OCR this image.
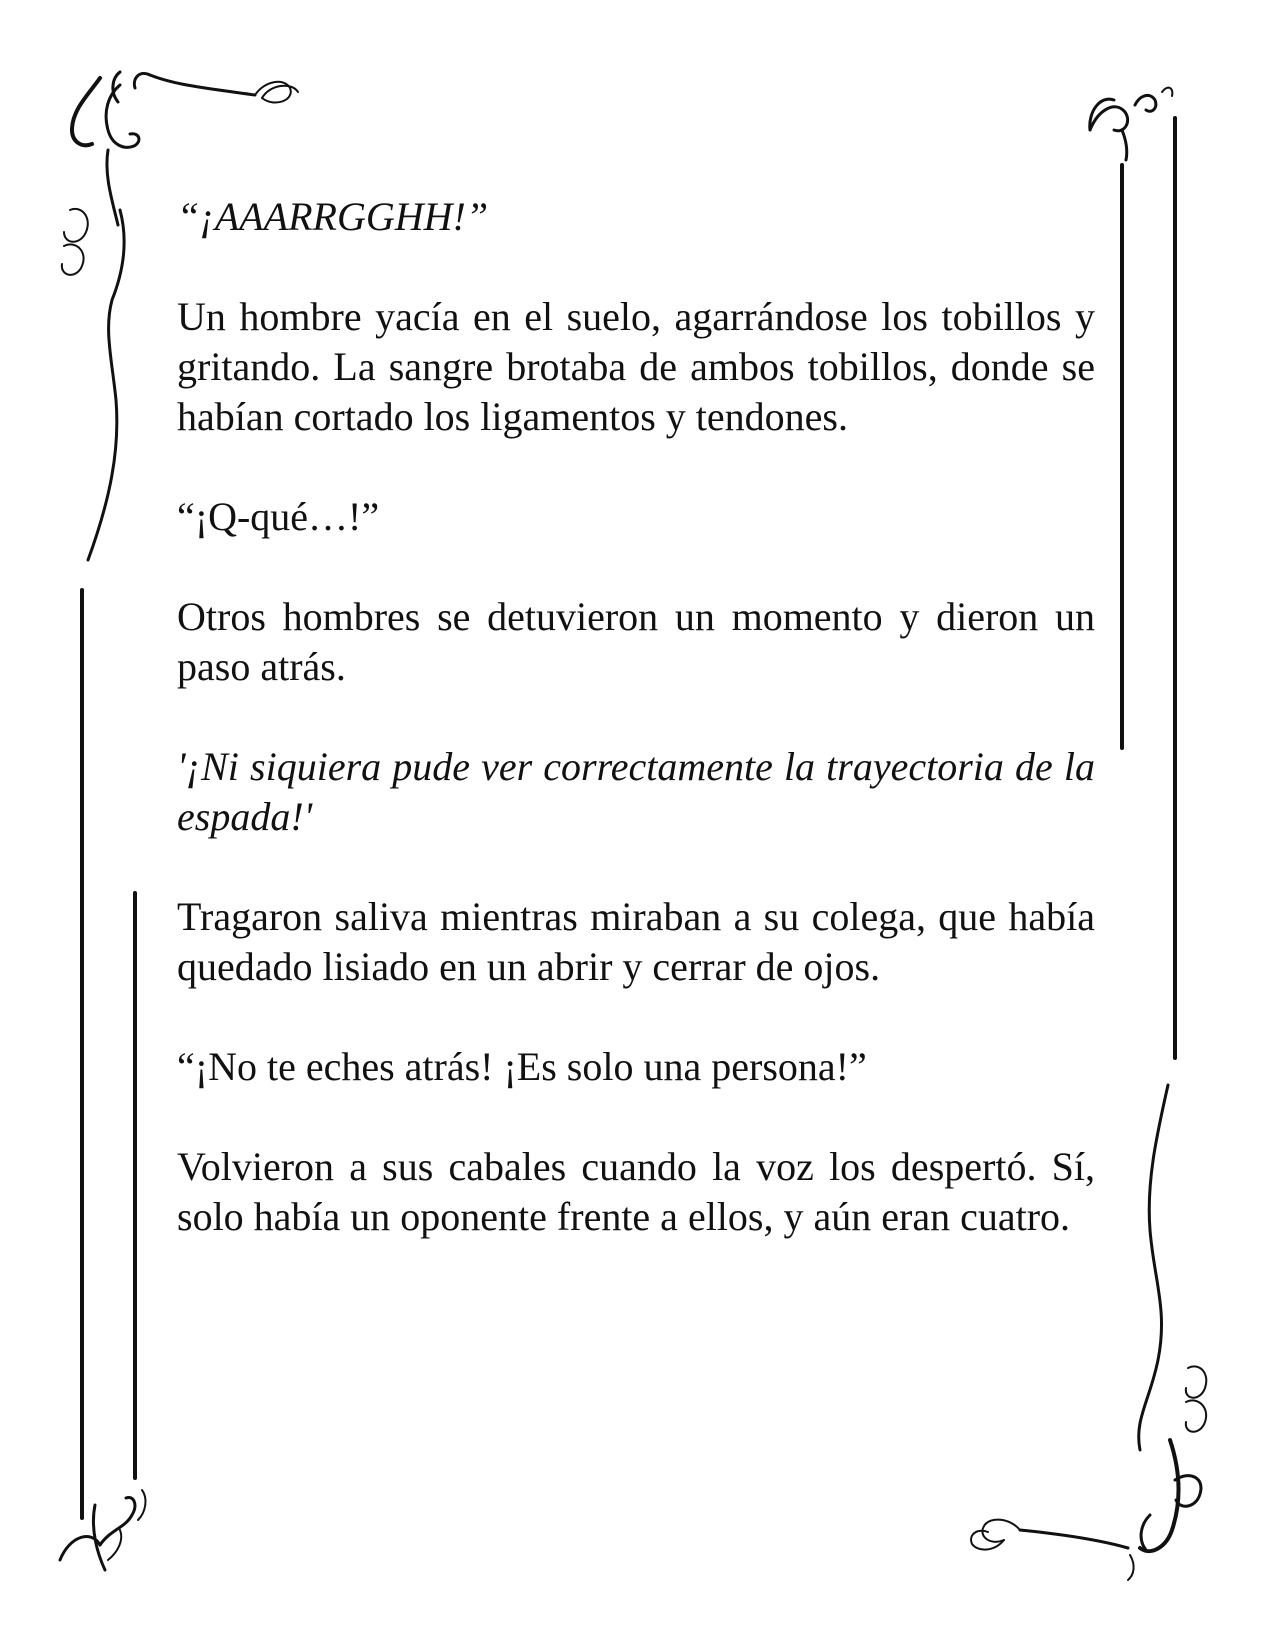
“¡AAARRGGHH!”

Un hombre yacía en el suelo, agarrándose los tobillos y gritando. La sangre brotaba de ambos tobillos, donde se habían cortado los ligamentos y tendones.

“¡Q-qué…!”

Otros hombres se detuvieron un momento y dieron un paso atrás.

'¡Ni siquiera pude ver correctamente la trayectoria de la espada!'

Tragaron saliva mientras miraban a su colega, que había quedado lisiado en un abrir y cerrar de ojos.

“¡No te eches atrás! ¡Es solo una persona!”

Volvieron a sus cabales cuando la voz los despertó. Sí, solo había un oponente frente a ellos, y aún eran cuatro.
